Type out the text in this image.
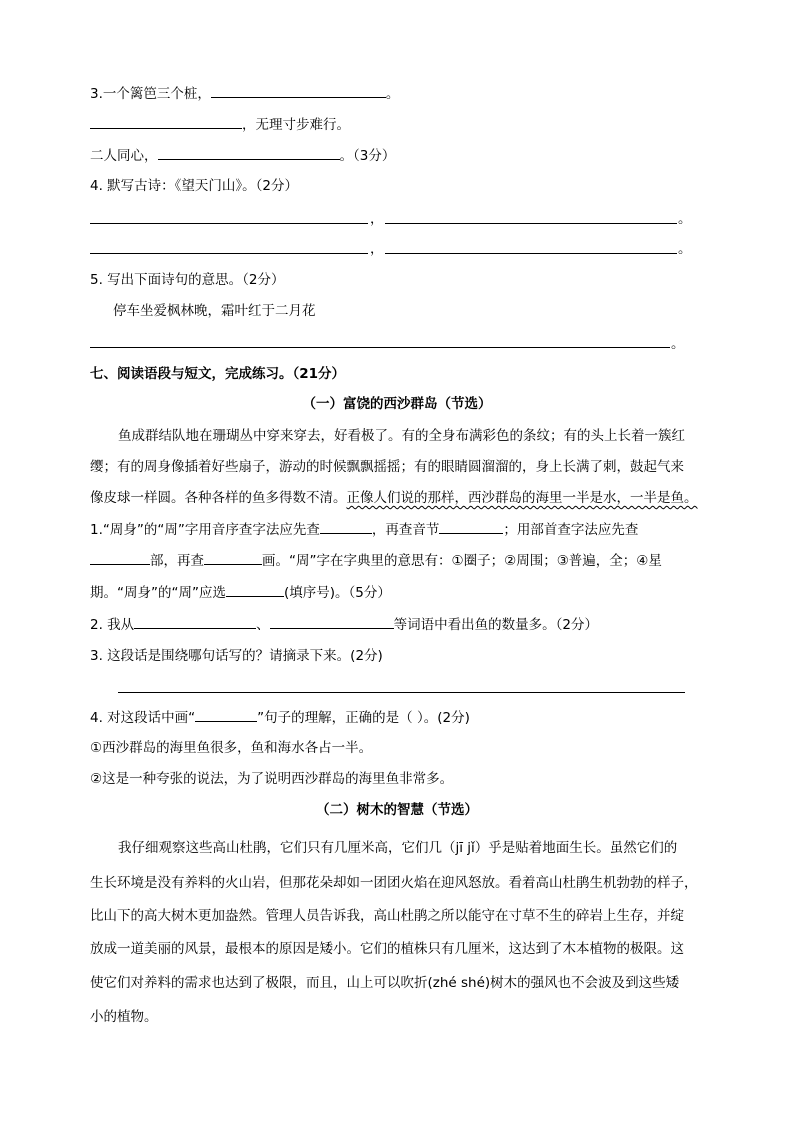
3.一个篱笆三个桩，	。
，无理寸步难行。
二人同心，	。（3分）
4. 默写古诗：《望天门山》。（2分）
，	。
，	。
5. 写出下面诗句的意思。（2分）
停车坐爱枫林晚，霜叶红于二月花
。
七、阅读语段与短文，完成练习。（21分）
（一）富饶的西沙群岛（节选）
鱼成群结队地在珊瑚丛中穿来穿去，好看极了。有的全身布满彩色的条纹；有的头上长着一簇红
缨；有的周身像插着好些扇子，游动的时候飘飘摇摇；有的眼睛圆溜溜的，身上长满了刺，鼓起气来
像皮球一样圆。各种各样的鱼多得数不清。正像人们说的那样，西沙群岛的海里一半是水，一半是鱼。
1.“周身”的“周”字用音序查字法应先查	，再查音节	；用部首查字法应先查
部，再查	画。“周”字在字典里的意思有：①圈子；②周围；③普遍，全；④星
期。“周身”的“周”应选	(填序号)。（5分）
2. 我从	、	等词语中看出鱼的数量多。（2分）
3. 这段话是围绕哪句话写的？请摘录下来。(2分)
4. 对这段话中画“	”句子的理解，正确的是（ ）。(2分)
①西沙群岛的海里鱼很多，鱼和海水各占一半。
②这是一种夸张的说法，为了说明西沙群岛的海里鱼非常多。
（二）树木的智慧（节选）
我仔细观察这些高山杜鹃，它们只有几厘米高，它们几（jī jǐ）乎是贴着地面生长。虽然它们的
生长环境是没有养料的火山岩，但那花朵却如一团团火焰在迎风怒放。看着高山杜鹃生机勃勃的样子，
比山下的高大树木更加盎然。管理人员告诉我，高山杜鹃之所以能守在寸草不生的碎岩上生存，并绽
放成一道美丽的风景，最根本的原因是矮小。它们的植株只有几厘米，这达到了木本植物的极限。这
使它们对养料的需求也达到了极限，而且，山上可以吹折(zhé shé)树木的强风也不会波及到这些矮
小的植物。
